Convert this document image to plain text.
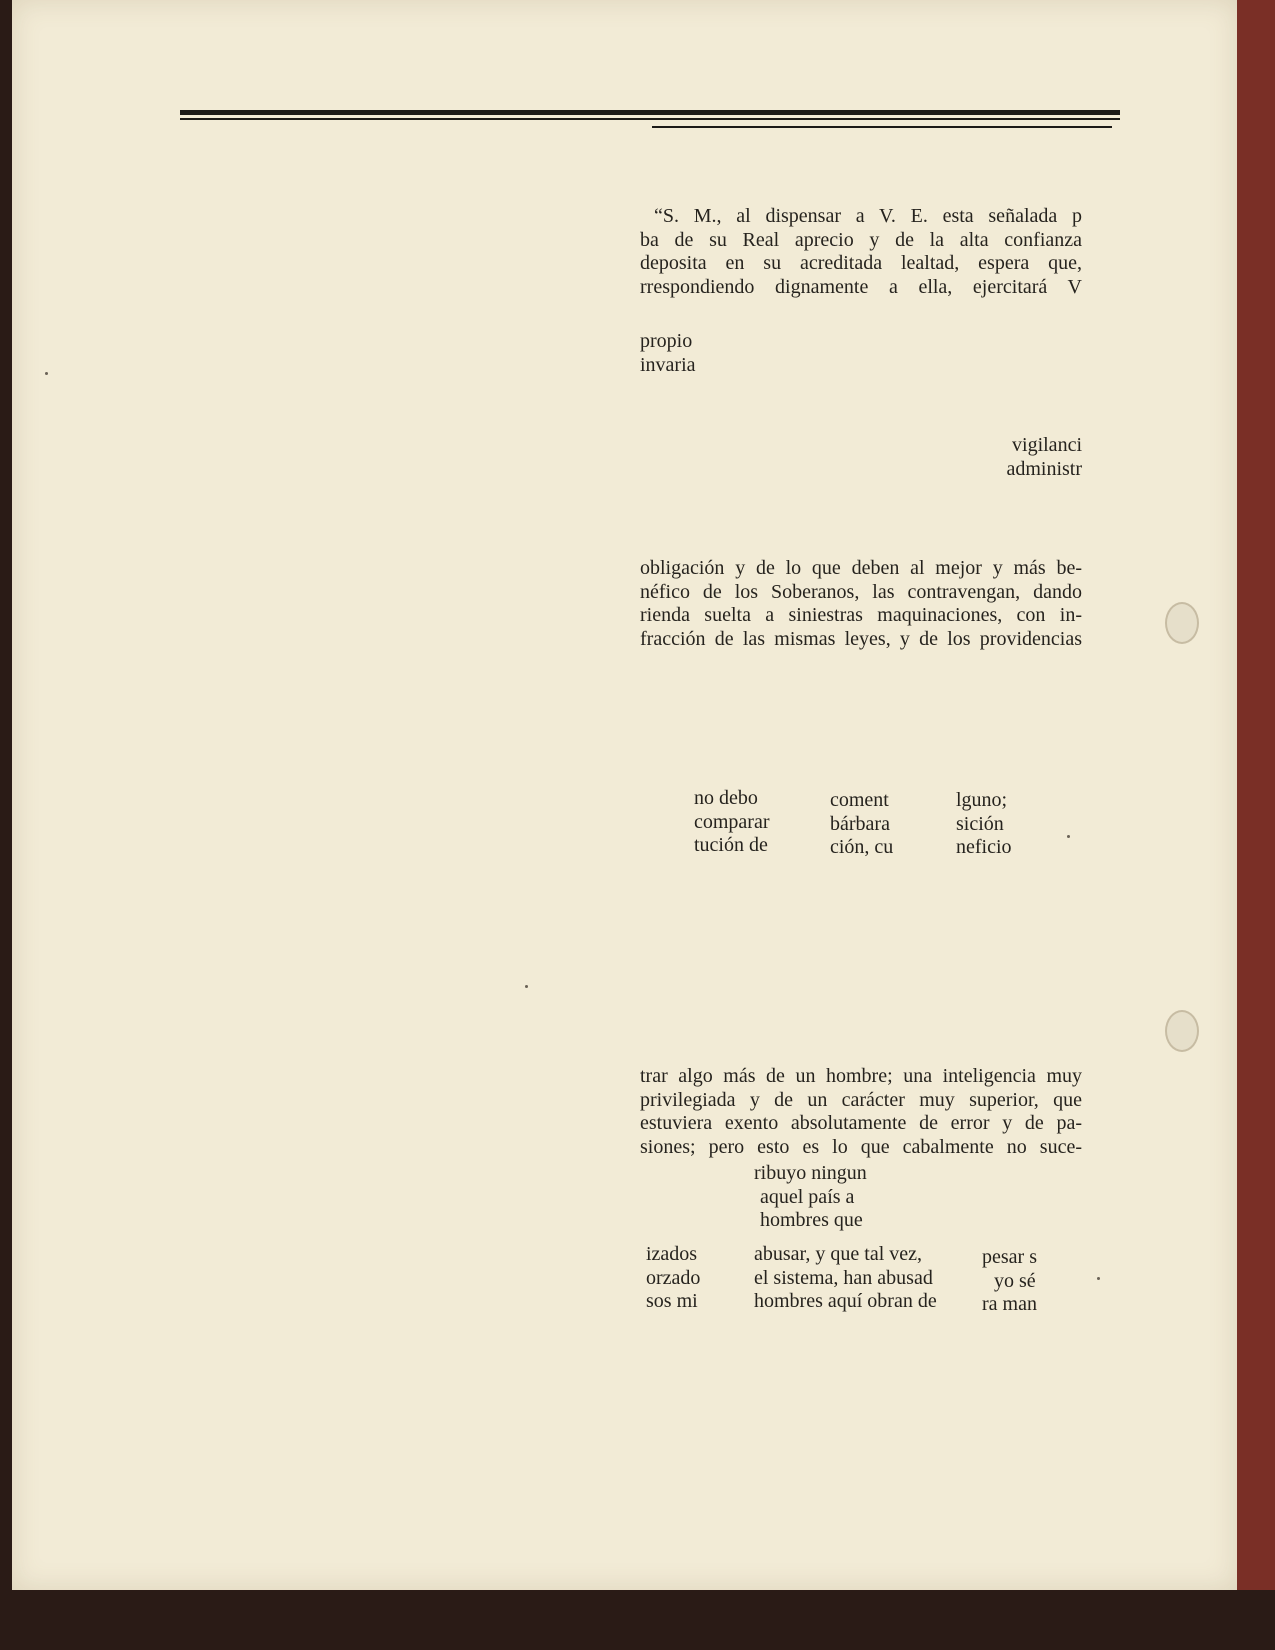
“S. M., al dispensar a V. E. esta señalada p
ba de su Real aprecio y de la alta confianza
deposita en su acreditada lealtad, espera que,
rrespondiendo dignamente a ella, ejercitará V
propio
invaria
vigilanci
administr
obligación y de lo que deben al mejor y más be-
néfico de los Soberanos, las contravengan, dando
rienda suelta a siniestras maquinaciones, con in-
fracción de las mismas leyes, y de los providencias
no debo
comparar
tución de
coment
bárbara
ción, cu
lguno;
sición
neficio
trar algo más de un hombre; una inteligencia muy
privilegiada y de un carácter muy superior, que
estuviera exento absolutamente de error y de pa-
siones; pero esto es lo que cabalmente no suce-
ribuyo ningun
aquel país a
hombres que
izados
orzado
sos mi
abusar, y que tal vez,
el sistema, han abusad
hombres aquí obran de
pesar s
yo sé
ra man
